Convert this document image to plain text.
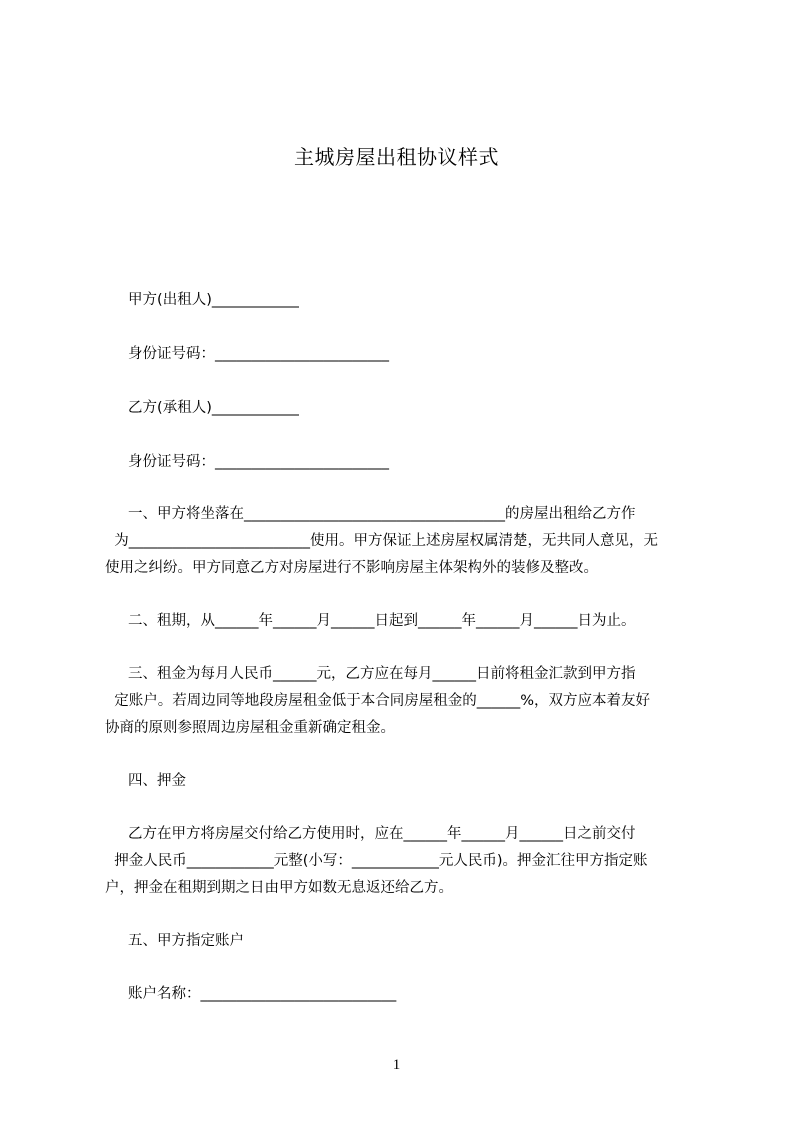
主城房屋出租协议样式
甲方(出租人)____________
身份证号码：________________________
乙方(承租人)____________
身份证号码：________________________
一、甲方将坐落在____________________________________的房屋出租给乙方作
为_________________________使用。甲方保证上述房屋权属清楚，无共同人意见，无
使用之纠纷。甲方同意乙方对房屋进行不影响房屋主体架构外的装修及整改。
二、租期，从______年______月______日起到______年______月______日为止。
三、租金为每月人民币______元，乙方应在每月______日前将租金汇款到甲方指
定账户。若周边同等地段房屋租金低于本合同房屋租金的______%，双方应本着友好
协商的原则参照周边房屋租金重新确定租金。
四、押金
乙方在甲方将房屋交付给乙方使用时，应在______年______月______日之前交付
押金人民币____________元整(小写：____________元人民币)。押金汇往甲方指定账
户，押金在租期到期之日由甲方如数无息返还给乙方。
五、甲方指定账户
账户名称：___________________________
1
